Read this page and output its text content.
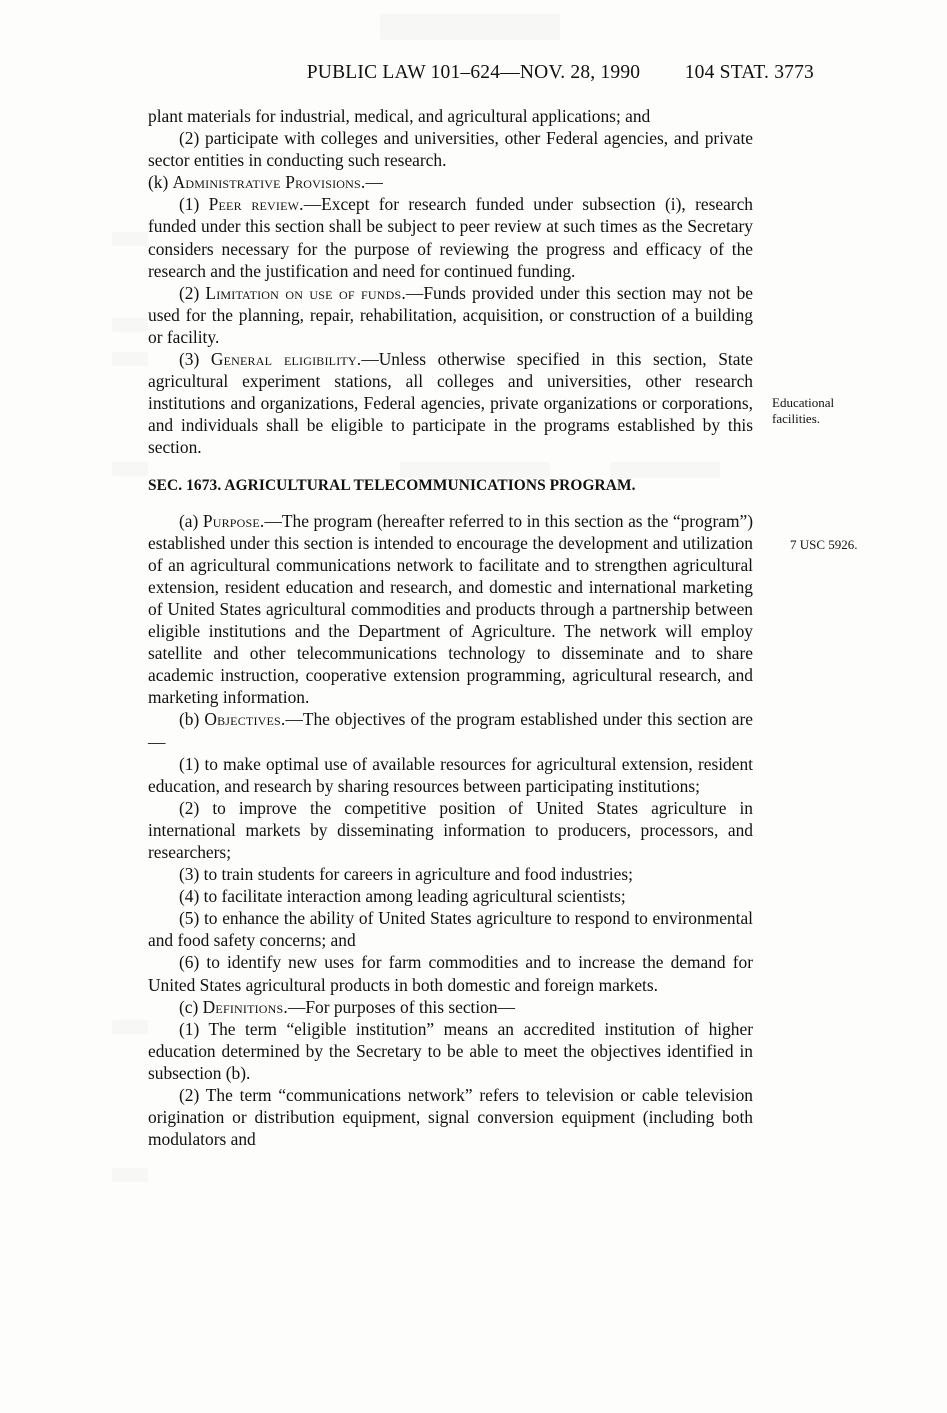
PUBLIC LAW 101–624—NOV. 28, 1990 104 STAT. 3773
Educational
facilities.
7 USC 5926.

plant materials for industrial, medical, and agricultural applications; and

(2) participate with colleges and universities, other Federal agencies, and private sector entities in conducting such research.

(k) Administrative Provisions.—

(1) Peer review.—Except for research funded under subsection (i), research funded under this section shall be subject to peer review at such times as the Secretary considers necessary for the purpose of reviewing the progress and efficacy of the research and the justification and need for continued funding.

(2) Limitation on use of funds.—Funds provided under this section may not be used for the planning, repair, rehabilitation, acquisition, or construction of a building or facility.

(3) General eligibility.—Unless otherwise specified in this section, State agricultural experiment stations, all colleges and universities, other research institutions and organizations, Federal agencies, private organizations or corporations, and individuals shall be eligible to participate in the programs established by this section.

SEC. 1673. AGRICULTURAL TELECOMMUNICATIONS PROGRAM.

(a) Purpose.—The program (hereafter referred to in this section as the “program”) established under this section is intended to encourage the development and utilization of an agricultural communications network to facilitate and to strengthen agricultural extension, resident education and research, and domestic and international marketing of United States agricultural commodities and products through a partnership between eligible institutions and the Department of Agriculture. The network will employ satellite and other telecommunications technology to disseminate and to share academic instruction, cooperative extension programming, agricultural research, and marketing information.

(b) Objectives.—The objectives of the program established under this section are—

(1) to make optimal use of available resources for agricultural extension, resident education, and research by sharing resources between participating institutions;

(2) to improve the competitive position of United States agriculture in international markets by disseminating information to producers, processors, and researchers;

(3) to train students for careers in agriculture and food industries;

(4) to facilitate interaction among leading agricultural scientists;

(5) to enhance the ability of United States agriculture to respond to environmental and food safety concerns; and

(6) to identify new uses for farm commodities and to increase the demand for United States agricultural products in both domestic and foreign markets.

(c) Definitions.—For purposes of this section—

(1) The term “eligible institution” means an accredited institution of higher education determined by the Secretary to be able to meet the objectives identified in subsection (b).

(2) The term “communications network” refers to television or cable television origination or distribution equipment, signal conversion equipment (including both modulators and
